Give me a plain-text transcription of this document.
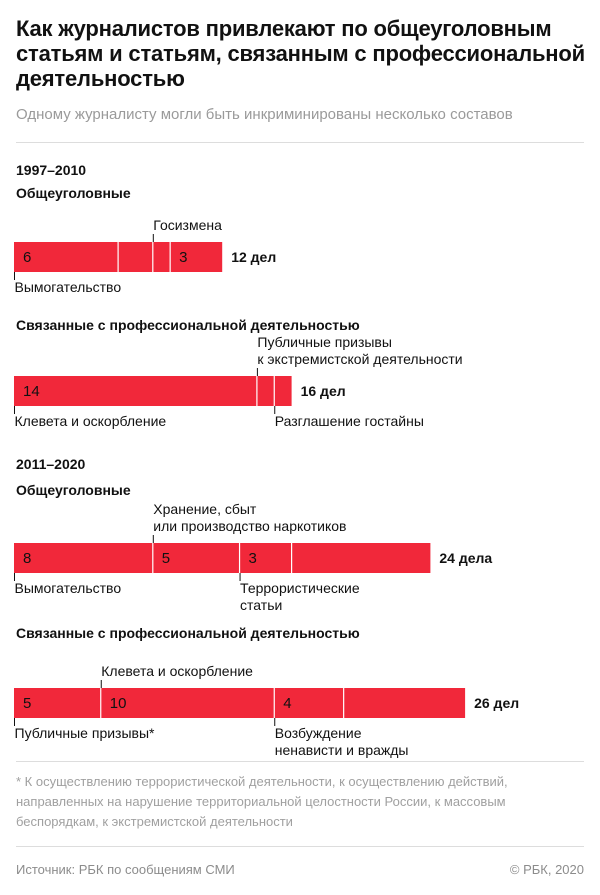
Как журналистов привлекают по общеуголовным статьям и статьям, связанным с профессиональной деятельностью
Одному журналисту могли быть инкриминированы несколько составов
1997–2010
Общеуголовные
Связанные с профессиональной деятельностью
2011–2020
Общеуголовные
Связанные с профессиональной деятельностью
6	3	12 дел
Вымогательство
Госизмена
14	16 дел
Клевета и оскорбление
Публичные призывы
к экстремистской деятельности
Разглашение гостайны
8	5	3	24 дела
Вымогательство
Хранение, сбыт
или производство наркотиков
Террористические
статьи
5	10	4	26 дел
Публичные призывы*
Клевета и оскорбление
Возбуждение
ненависти и вражды
* К осуществлению террористической деятельности, к осуществлению действий, направленных на нарушение территориальной целостности России, к массовым беспорядкам, к экстремистской деятельности
Источник: РБК по сообщениям СМИ	© РБК, 2020
